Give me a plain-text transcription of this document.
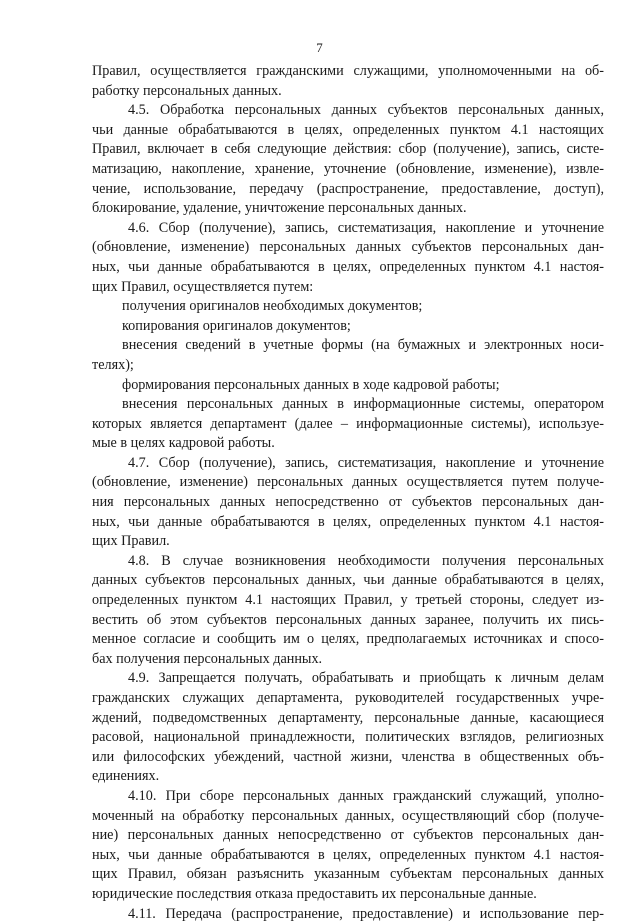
7
Правил, осуществляется гражданскими служащими, уполномоченными на об-
работку персональных данных.
4.5. Обработка персональных данных субъектов персональных данных,
чьи данные обрабатываются в целях, определенных пунктом 4.1 настоящих
Правил, включает в себя следующие действия: сбор (получение), запись, систе-
матизацию, накопление, хранение, уточнение (обновление, изменение), извле-
чение, использование, передачу (распространение, предоставление, доступ),
блокирование, удаление, уничтожение персональных данных.
4.6. Сбор (получение), запись, систематизация, накопление и уточнение
(обновление, изменение) персональных данных субъектов персональных дан-
ных, чьи данные обрабатываются в целях, определенных пунктом 4.1 настоя-
щих Правил, осуществляется путем:
получения оригиналов необходимых документов;
копирования оригиналов документов;
внесения сведений в учетные формы (на бумажных и электронных носи-
телях);
формирования персональных данных в ходе кадровой работы;
внесения персональных данных в информационные системы, оператором
которых является департамент (далее – информационные системы), используе-
мые в целях кадровой работы.
4.7. Сбор (получение), запись, систематизация, накопление и уточнение
(обновление, изменение) персональных данных осуществляется путем получе-
ния персональных данных непосредственно от субъектов персональных дан-
ных, чьи данные обрабатываются в целях, определенных пунктом 4.1 настоя-
щих Правил.
4.8. В случае возникновения необходимости получения персональных
данных субъектов персональных данных, чьи данные обрабатываются в целях,
определенных пунктом 4.1 настоящих Правил, у третьей стороны, следует из-
вестить об этом субъектов персональных данных заранее, получить их пись-
менное согласие и сообщить им о целях, предполагаемых источниках и спосо-
бах получения персональных данных.
4.9. Запрещается получать, обрабатывать и приобщать к личным делам
гражданских служащих департамента, руководителей государственных учре-
ждений, подведомственных департаменту, персональные данные, касающиеся
расовой, национальной принадлежности, политических взглядов, религиозных
или философских убеждений, частной жизни, членства в общественных объ-
единениях.
4.10. При сборе персональных данных гражданский служащий, уполно-
моченный на обработку персональных данных, осуществляющий сбор (получе-
ние) персональных данных непосредственно от субъектов персональных дан-
ных, чьи данные обрабатываются в целях, определенных пунктом 4.1 настоя-
щих Правил, обязан разъяснить указанным субъектам персональных данных
юридические последствия отказа предоставить их персональные данные.
4.11. Передача (распространение, предоставление) и использование пер-
